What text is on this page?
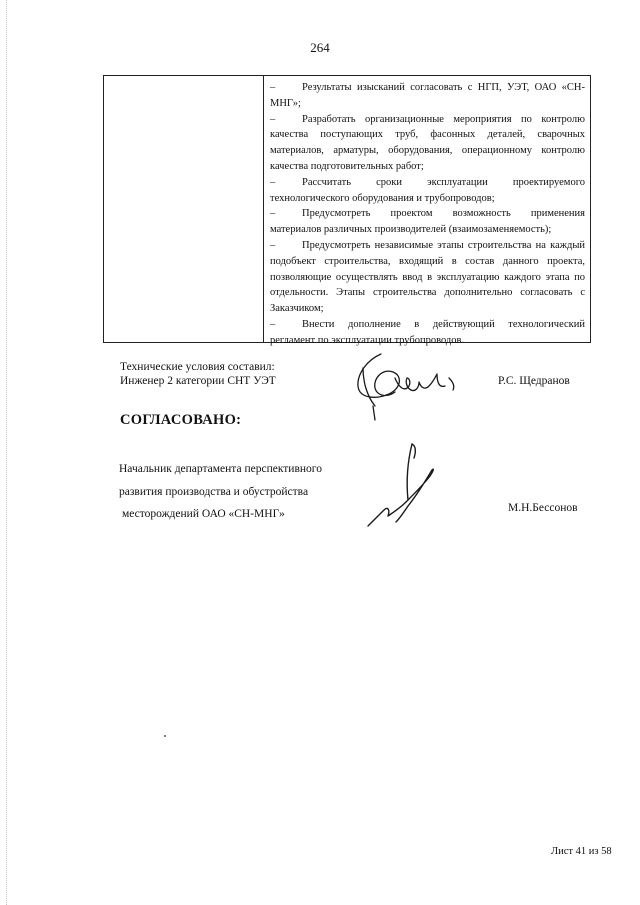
264
–	Результаты изысканий согласовать с НГП, УЭТ, ОАО «СН-МНГ»;
–	Разработать организационные мероприятия по контролю качества поступающих труб, фасонных деталей, сварочных материалов, арматуры, оборудования, операционному контролю качества подготовительных работ;
–	Рассчитать сроки эксплуатации проектируемого технологического оборудования и трубопроводов;
–	Предусмотреть проектом возможность применения материалов различных производителей (взаимозаменяемость);
–	Предусмотреть независимые этапы строительства на каждый подобъект строительства, входящий в состав данного проекта, позволяющие осуществлять ввод в эксплуатацию каждого этапа по отдельности. Этапы строительства дополнительно согласовать с Заказчиком;
–	Внести дополнение в действующий технологический регламент по эксплуатации трубопроводов.
Технические условия составил:
Инженер 2 категории СНТ УЭТ	Р.С. Щедранов
СОГЛАСОВАНО:
Начальник департамента перспективного
развития производства и обустройства
месторождений ОАО «СН-МНГ»	М.Н.Бессонов
Лист 41 из 58
